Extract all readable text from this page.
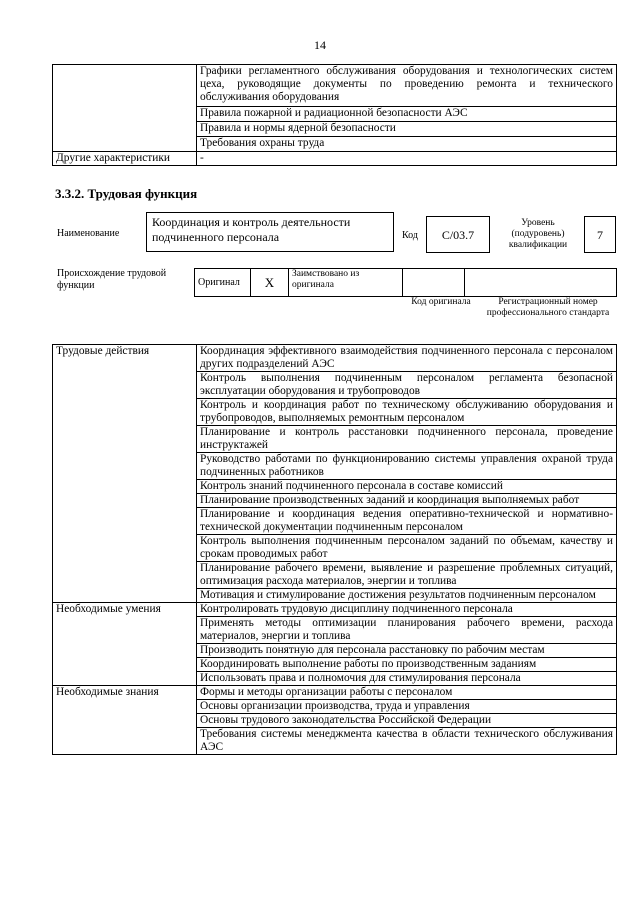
14
	Графики регламентного обслуживания оборудования и технологических систем цеха, руководящие документы по проведению ремонта и технического обслуживания оборудования
	Правила пожарной и радиационной безопасности АЭС
	Правила и нормы ядерной безопасности
	Требования охраны труда
Другие характеристики	-
3.3.2. Трудовая функция
Наименование
Координация и контроль деятельности подчиненного персонала	Код	C/03.7
Уровень (подуровень) квалификации
7
Происхождение трудовой функции	Оригинал	X	Заимствовано из оригинала		
Код оригинала	Регистрационный номер профессионального стандарта
Трудовые действия	Координация эффективного взаимодействия подчиненного персонала с персоналом других подразделений АЭС
	Контроль выполнения подчиненным персоналом регламента безопасной эксплуатации оборудования и трубопроводов
	Контроль и координация работ по техническому обслуживанию оборудования и трубопроводов, выполняемых ремонтным персоналом
	Планирование и контроль расстановки подчиненного персонала, проведение инструктажей
	Руководство работами по функционированию системы управления охраной труда подчиненных работников
	Контроль знаний подчиненного персонала в составе комиссий
	Планирование производственных заданий и координация выполняемых работ
	Планирование и координация ведения оперативно-технической и нормативно-технической документации подчиненным персоналом
	Контроль выполнения подчиненным персоналом заданий по объемам, качеству и срокам проводимых работ
	Планирование рабочего времени, выявление и разрешение проблемных ситуаций, оптимизация расхода материалов, энергии и топлива
	Мотивация и стимулирование достижения результатов подчиненным персоналом
Необходимые умения	Контролировать трудовую дисциплину подчиненного персонала
	Применять методы оптимизации планирования рабочего времени, расхода материалов, энергии и топлива
	Производить понятную для персонала расстановку по рабочим местам
	Координировать выполнение работы по производственным заданиям
	Использовать права и полномочия для стимулирования персонала
Необходимые знания	Формы и методы организации работы с персоналом
	Основы организации производства, труда и управления
	Основы трудового законодательства Российской Федерации
	Требования системы менеджмента качества в области технического обслуживания АЭС
